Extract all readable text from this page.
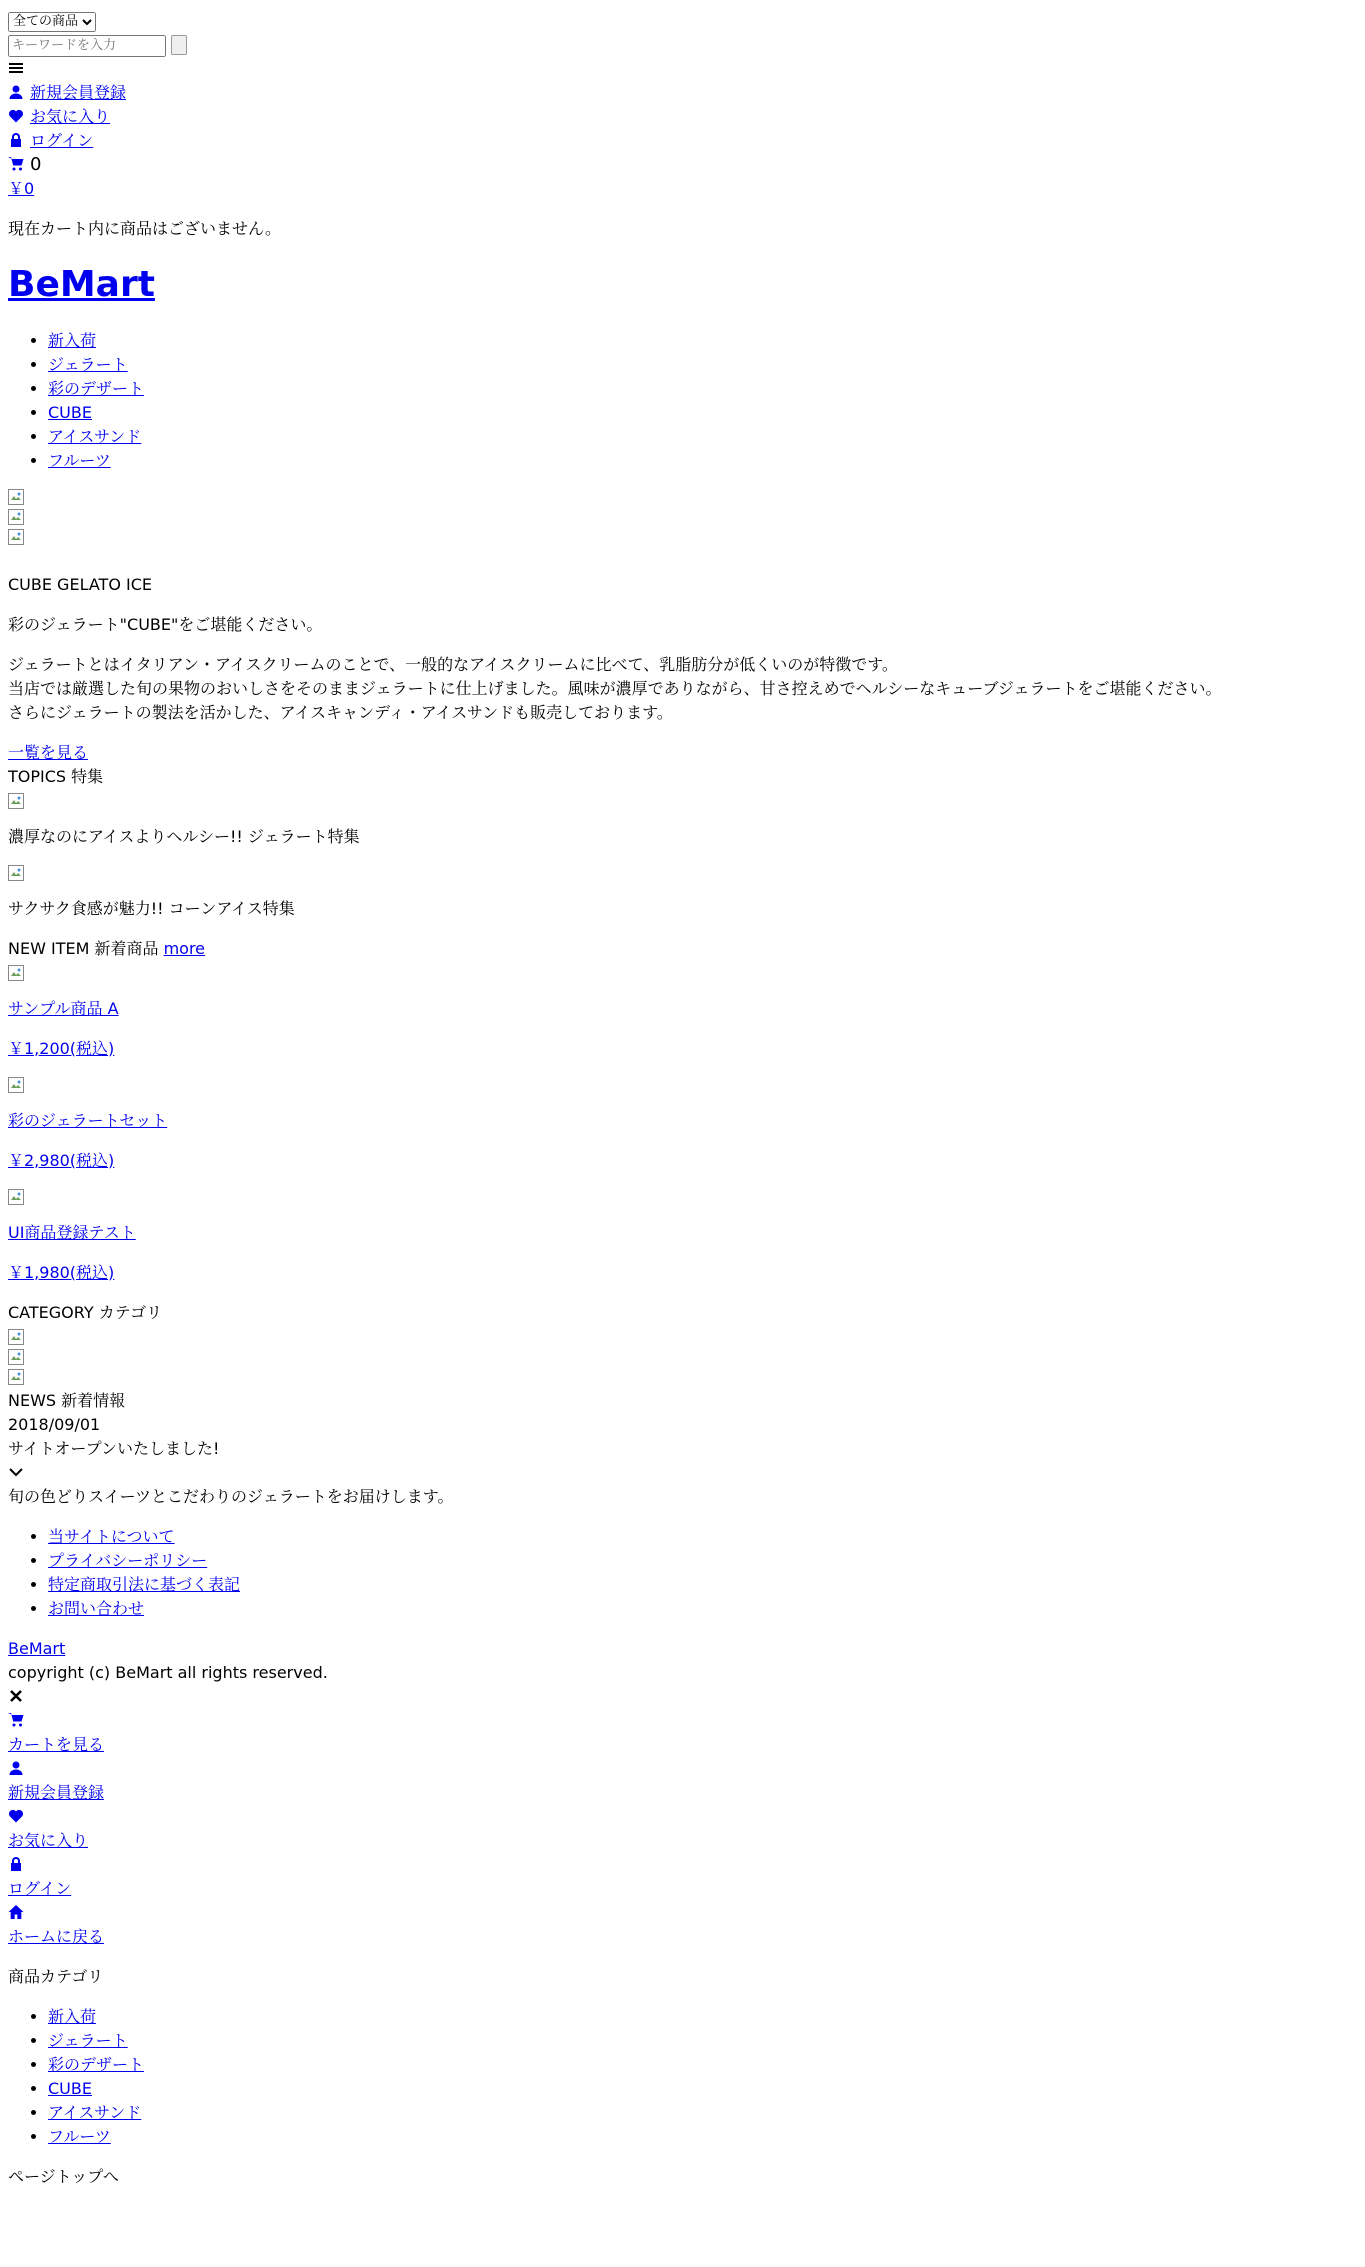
全ての商品
キーワードを入力
新規会員登録
お気に入り
ログイン
0
￥0

現在カート内に商品はございません。

BeMart
• 新入荷
• ジェラート
• 彩のデザート
• CUBE
• アイスサンド
• フルーツ
CUBE GELATO ICE

彩のジェラート"CUBE"をご堪能ください。

ジェラートとはイタリアン・アイスクリームのことで、一般的なアイスクリームに比べて、乳脂肪分が低くいのが特徴です。
当店では厳選した旬の果物のおいしさをそのままジェラートに仕上げました。風味が濃厚でありながら、甘さ控えめでヘルシーなキューブジェラートをご堪能ください。
さらにジェラートの製法を活かした、アイスキャンディ・アイスサンドも販売しております。

一覧を見る
TOPICS 特集

濃厚なのにアイスよりヘルシー!! ジェラート特集

サクサク食感が魅力!! コーンアイス特集

NEW ITEM 新着商品 more

サンプル商品 A

￥1,200(税込)

彩のジェラートセット

￥2,980(税込)

UI商品登録テスト

￥1,980(税込)

CATEGORY カテゴリ
NEWS 新着情報
2018/09/01
サイトオープンいたしました!

旬の色どりスイーツとこだわりのジェラートをお届けします。

• 当サイトについて
• プライバシーポリシー
• 特定商取引法に基づく表記
• お問い合わせ
BeMart
copyright (c) BeMart all rights reserved.
カートを見る
新規会員登録
お気に入り
ログイン
ホームに戻る

商品カテゴリ

• 新入荷
• ジェラート
• 彩のデザート
• CUBE
• アイスサンド
• フルーツ

ページトップへ
